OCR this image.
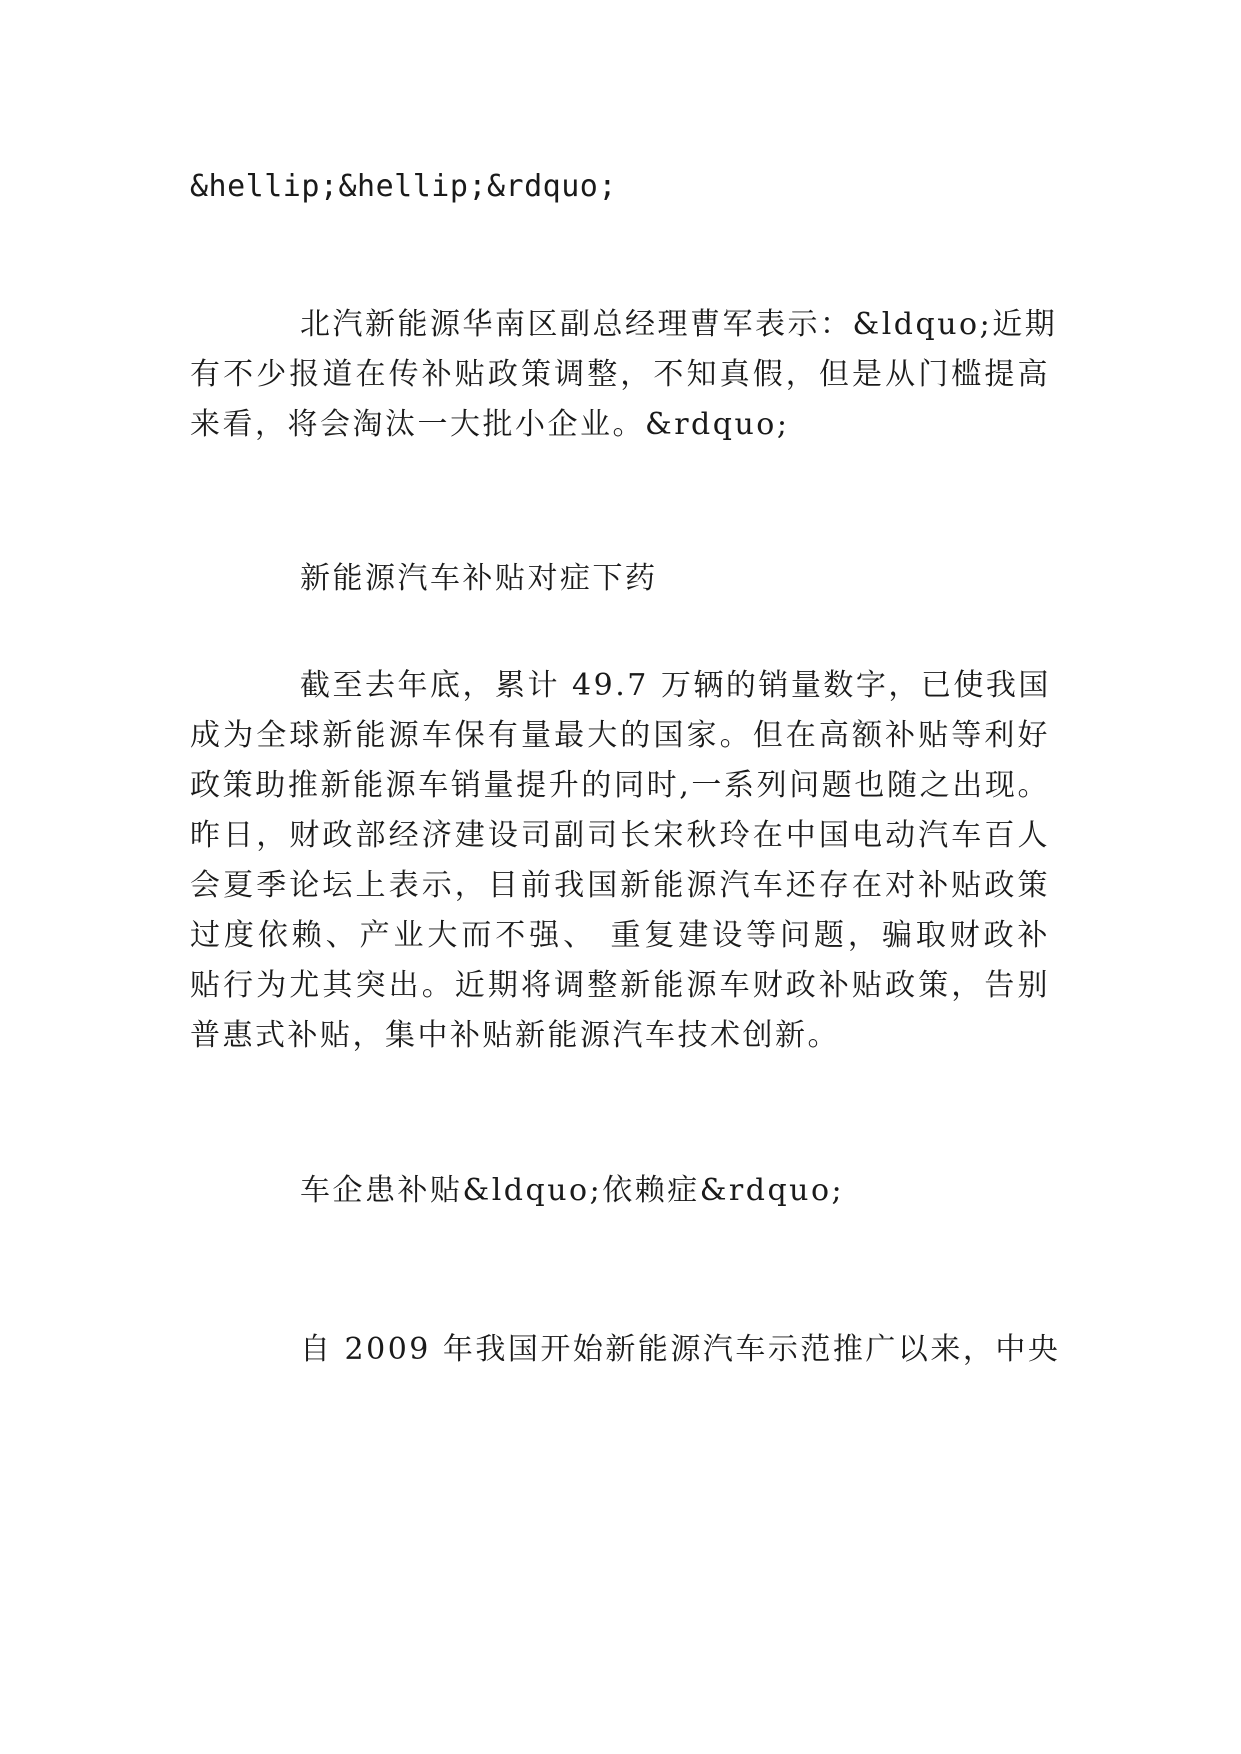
&hellip;&hellip;&rdquo;
北汽新能源华南区副总经理曹军表示：&ldquo;近期
有不少报道在传补贴政策调整，不知真假，但是从门槛提高
来看，将会淘汰一大批小企业。&rdquo;
新能源汽车补贴对症下药
截至去年底，累计 49.7 万辆的销量数字，已使我国
成为全球新能源车保有量最大的国家。但在高额补贴等利好
政策助推新能源车销量提升的同时,一系列问题也随之出现。
昨日，财政部经济建设司副司长宋秋玲在中国电动汽车百人
会夏季论坛上表示，目前我国新能源汽车还存在对补贴政策
过度依赖、产业大而不强、 重复建设等问题，骗取财政补
贴行为尤其突出。近期将调整新能源车财政补贴政策，告别
普惠式补贴，集中补贴新能源汽车技术创新。
车企患补贴&ldquo;依赖症&rdquo;
自 2009 年我国开始新能源汽车示范推广以来，中央
